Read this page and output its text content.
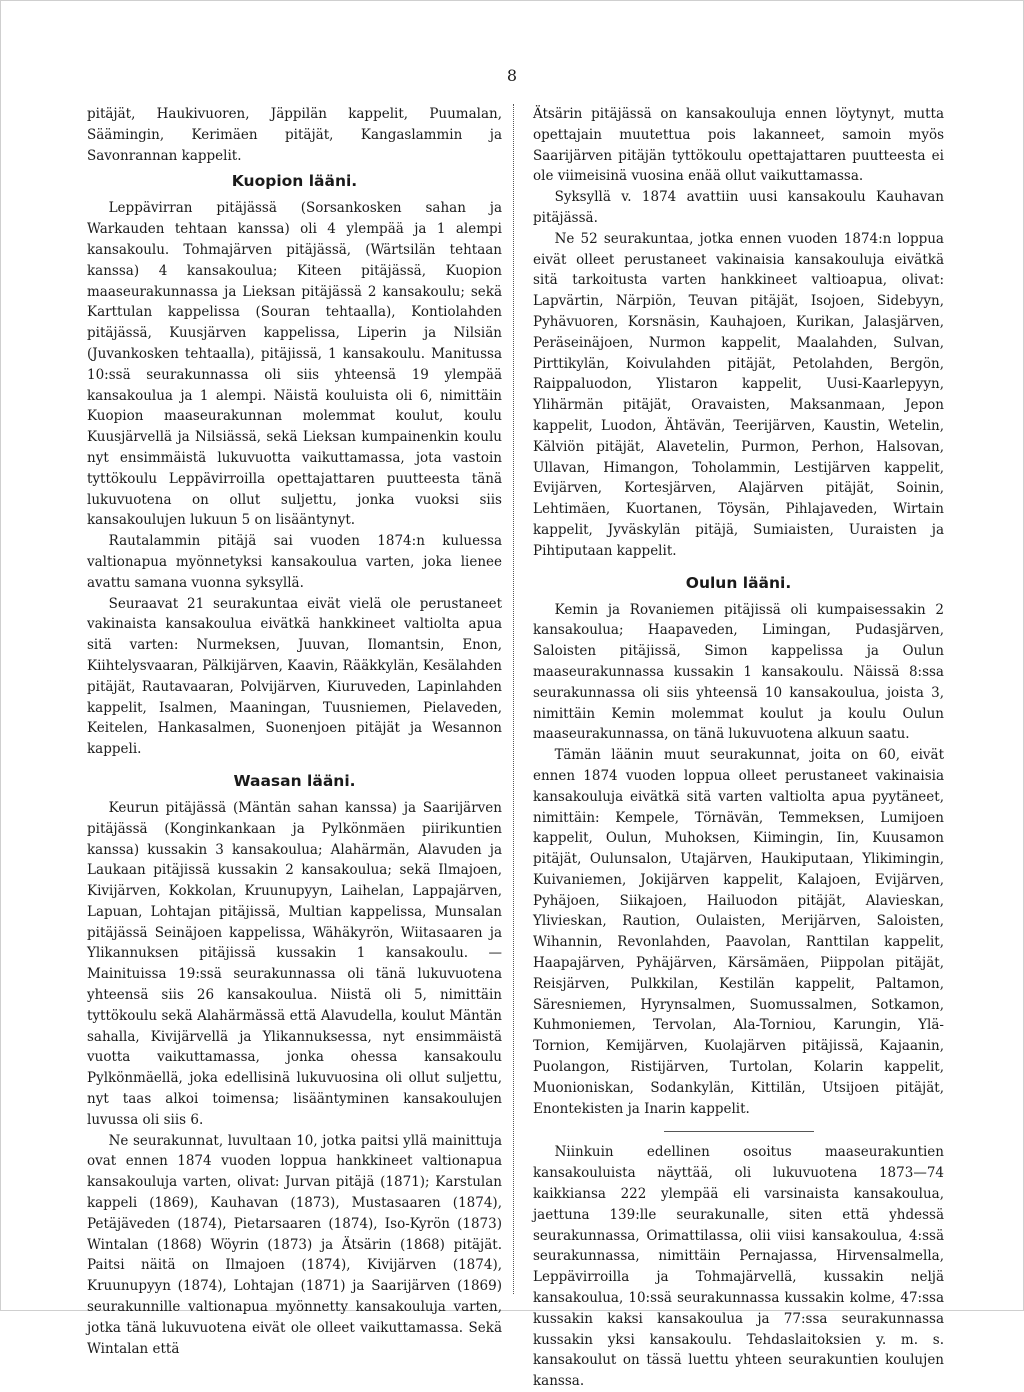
8

pitäjät, Haukivuoren, Jäppilän kappelit, Puumalan, Säämingin, Kerimäen pitäjät, Kangaslammin ja Savonrannan kappelit.

Kuopion lääni.

Leppävirran pitäjässä (Sorsankosken sahan ja Warkauden tehtaan kanssa) oli 4 ylempää ja 1 alempi kansakoulu. Tohmajärven pitäjässä, (Wärtsilän tehtaan kanssa) 4 kansakoulua; Kiteen pitäjässä, Kuopion maaseurakunnassa ja Lieksan pitäjässä 2 kansakoulu; sekä Karttulan kappelissa (Souran tehtaalla), Kontiolahden pitäjässä, Kuusjärven kappelissa, Liperin ja Nilsiän (Juvankosken tehtaalla), pitäjissä, 1 kansakoulu. Manitussa 10:ssä seurakunnassa oli siis yhteensä 19 ylempää kansakoulua ja 1 alempi. Näistä kouluista oli 6, nimittäin Kuopion maaseurakunnan molemmat koulut, koulu Kuusjärvellä ja Nilsiässä, sekä Lieksan kumpainenkin koulu nyt ensimmäistä lukuvuotta vaikuttamassa, jota vastoin tyttökoulu Leppävirroilla opettajattaren puutteesta tänä lukuvuotena on ollut suljettu, jonka vuoksi siis kansakoulujen lukuun 5 on lisääntynyt.

Rautalammin pitäjä sai vuoden 1874:n kuluessa valtionapua myönnetyksi kansakoulua varten, joka lienee avattu samana vuonna syksyllä.

Seuraavat 21 seurakuntaa eivät vielä ole perustaneet vakinaista kansakoulua eivätkä hankkineet valtiolta apua sitä varten: Nurmeksen, Juuvan, Ilomantsin, Enon, Kiihtelysvaaran, Pälkijärven, Kaavin, Rääkkylän, Kesälahden pitäjät, Rautavaaran, Polvijärven, Kiuruveden, Lapinlahden kappelit, Isalmen, Maaningan, Tuusniemen, Pielaveden, Keitelen, Hankasalmen, Suonenjoen pitäjät ja Wesannon kappeli.

Waasan lääni.

Keurun pitäjässä (Mäntän sahan kanssa) ja Saarijärven pitäjässä (Konginkankaan ja Pylkönmäen piirikuntien kanssa) kussakin 3 kansakoulua; Alahärmän, Alavuden ja Laukaan pitäjissä kussakin 2 kansakoulua; sekä Ilmajoen, Kivijärven, Kokkolan, Kruunupyyn, Laihelan, Lappajärven, Lapuan, Lohtajan pitäjissä, Multian kappelissa, Munsalan pitäjässä Seinäjoen kappelissa, Wähäkyrön, Wiitasaaren ja Ylikannuksen pitäjissä kussakin 1 kansakoulu. — Mainituissa 19:ssä seurakunnassa oli tänä lukuvuotena yhteensä siis 26 kansakoulua. Niistä oli 5, nimittäin tyttökoulu sekä Alahärmässä että Alavudella, koulut Mäntän sahalla, Kivijärvellä ja Ylikannuksessa, nyt ensimmäistä vuotta vaikuttamassa, jonka ohessa kansakoulu Pylkönmäellä, joka edellisinä lukuvuosina oli ollut suljettu, nyt taas alkoi toimensa; lisääntyminen kansakoulujen luvussa oli siis 6.

Ne seurakunnat, luvultaan 10, jotka paitsi yllä mainittuja ovat ennen 1874 vuoden loppua hankkineet valtionapua kansakouluja varten, olivat: Jurvan pitäjä (1871); Karstulan kappeli (1869), Kauhavan (1873), Mustasaaren (1874), Petäjäveden (1874), Pietarsaaren (1874), Iso-Kyrön (1873) Wintalan (1868) Wöyrin (1873) ja Ätsärin (1868) pitäjät. Paitsi näitä on Ilmajoen (1874), Kivijärven (1874), Kruunupyyn (1874), Lohtajan (1871) ja Saarijärven (1869) seurakunnille valtionapua myönnetty kansakouluja varten, jotka tänä lukuvuotena eivät ole olleet vaikuttamassa. Sekä Wintalan että

Ätsärin pitäjässä on kansakouluja ennen löytynyt, mutta opettajain muutettua pois lakanneet, samoin myös Saarijärven pitäjän tyttökoulu opettajattaren puutteesta ei ole viimeisinä vuosina enää ollut vaikuttamassa.

Syksyllä v. 1874 avattiin uusi kansakoulu Kauhavan pitäjässä.

Ne 52 seurakuntaa, jotka ennen vuoden 1874:n loppua eivät olleet perustaneet vakinaisia kansakouluja eivätkä sitä tarkoitusta varten hankkineet valtioapua, olivat: Lapvärtin, Närpiön, Teuvan pitäjät, Isojoen, Sidebyyn, Pyhävuoren, Korsnäsin, Kauhajoen, Kurikan, Jalasjärven, Peräseinäjoen, Nurmon kappelit, Maalahden, Sulvan, Pirttikylän, Koivulahden pitäjät, Petolahden, Bergön, Raippaluodon, Ylistaron kappelit, Uusi-Kaarlepyyn, Ylihärmän pitäjät, Oravaisten, Maksanmaan, Jepon kappelit, Luodon, Ähtävän, Teerijärven, Kaustin, Wetelin, Kälviön pitäjät, Alavetelin, Purmon, Perhon, Halsovan, Ullavan, Himangon, Toholammin, Lestijärven kappelit, Evijärven, Kortesjärven, Alajärven pitäjät, Soinin, Lehtimäen, Kuortanen, Töysän, Pihlajaveden, Wirtain kappelit, Jyväskylän pitäjä, Sumiaisten, Uuraisten ja Pihtiputaan kappelit.

Oulun lääni.

Kemin ja Rovaniemen pitäjissä oli kumpaisessakin 2 kansakoulua; Haapaveden, Limingan, Pudasjärven, Saloisten pitäjissä, Simon kappelissa ja Oulun maaseurakunnassa kussakin 1 kansakoulu. Näissä 8:ssa seurakunnassa oli siis yhteensä 10 kansakoulua, joista 3, nimittäin Kemin molemmat koulut ja koulu Oulun maaseurakunnassa, on tänä lukuvuotena alkuun saatu.

Tämän läänin muut seurakunnat, joita on 60, eivät ennen 1874 vuoden loppua olleet perustaneet vakinaisia kansakouluja eivätkä sitä varten valtiolta apua pyytäneet, nimittäin: Kempele, Törnävän, Temmeksen, Lumijoen kappelit, Oulun, Muhoksen, Kiimingin, Iin, Kuusamon pitäjät, Oulunsalon, Utajärven, Haukiputaan, Ylikimingin, Kuivaniemen, Jokijärven kappelit, Kalajoen, Evijärven, Pyhäjoen, Siikajoen, Hailuodon pitäjät, Alavieskan, Ylivieskan, Raution, Oulaisten, Merijärven, Saloisten, Wihannin, Revonlahden, Paavolan, Ranttilan kappelit, Haapajärven, Pyhäjärven, Kärsämäen, Piippolan pitäjät, Reisjärven, Pulkkilan, Kestilän kappelit, Paltamon, Säresniemen, Hyrynsalmen, Suomussalmen, Sotkamon, Kuhmoniemen, Tervolan, Ala-Torniou, Karungin, Ylä-Tornion, Kemijärven, Kuolajärven pitäjissä, Kajaanin, Puolangon, Ristijärven, Turtolan, Kolarin kappelit, Muonioniskan, Sodankylän, Kittilän, Utsijoen pitäjät, Enontekisten ja Inarin kappelit.

Niinkuin edellinen osoitus maaseurakuntien kansakouluista näyttää, oli lukuvuotena 1873—74 kaikkiansa 222 ylempää eli varsinaista kansakoulua, jaettuna 139:lle seurakunalle, siten että yhdessä seurakunnassa, Orimattilassa, olii viisi kansakoulua, 4:ssä seurakunnassa, nimittäin Pernajassa, Hirvensalmella, Leppävirroilla ja Tohmajärvellä, kussakin neljä kansakoulua, 10:ssä seurakunnassa kussakin kolme, 47:ssa kussakin kaksi kansakoulua ja 77:ssa seurakunnassa kussakin yksi kansakoulu. Tehdaslaitoksien y. m. s. kansakoulut on tässä luettu yhteen seurakuntien koulujen kanssa.
